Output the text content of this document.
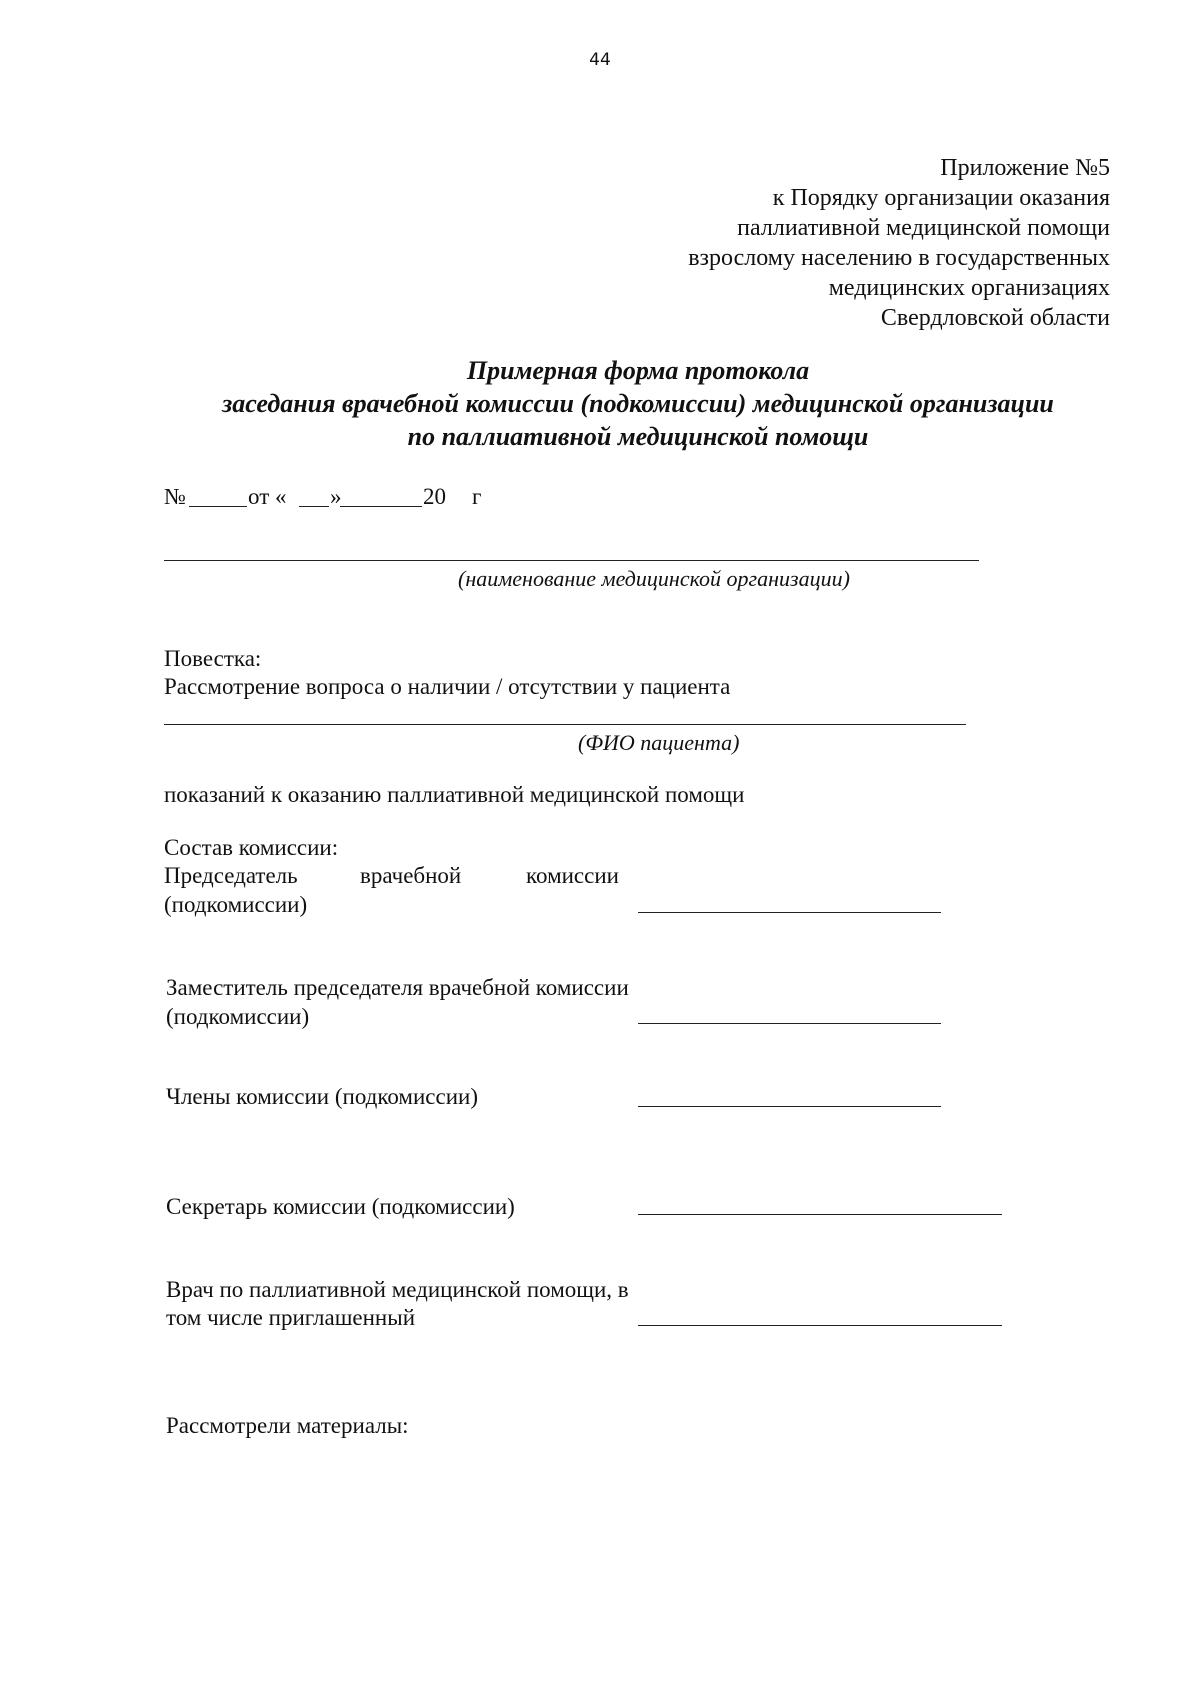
44
Приложение №5
к Порядку организации оказания
паллиативной медицинской помощи
взрослому населению в государственных
медицинских организациях
Свердловской области
Примерная форма протокола
заседания врачебной комиссии (подкомиссии) медицинской организации
по паллиативной медицинской помощи
№	от « »	20 г
(наименование медицинской организации)
Повестка:
Рассмотрение вопроса о наличии / отсутствии у пациента
(ФИО пациента)
показаний к оказанию паллиативной медицинской помощи
Состав комиссии:
Председатель	врачебной	комиссии
(подкомиссии)
Заместитель председателя врачебной комиссии
(подкомиссии)
Члены комиссии (подкомиссии)
Секретарь комиссии (подкомиссии)
Врач по паллиативной медицинской помощи, в
том числе приглашенный
Рассмотрели материалы:
